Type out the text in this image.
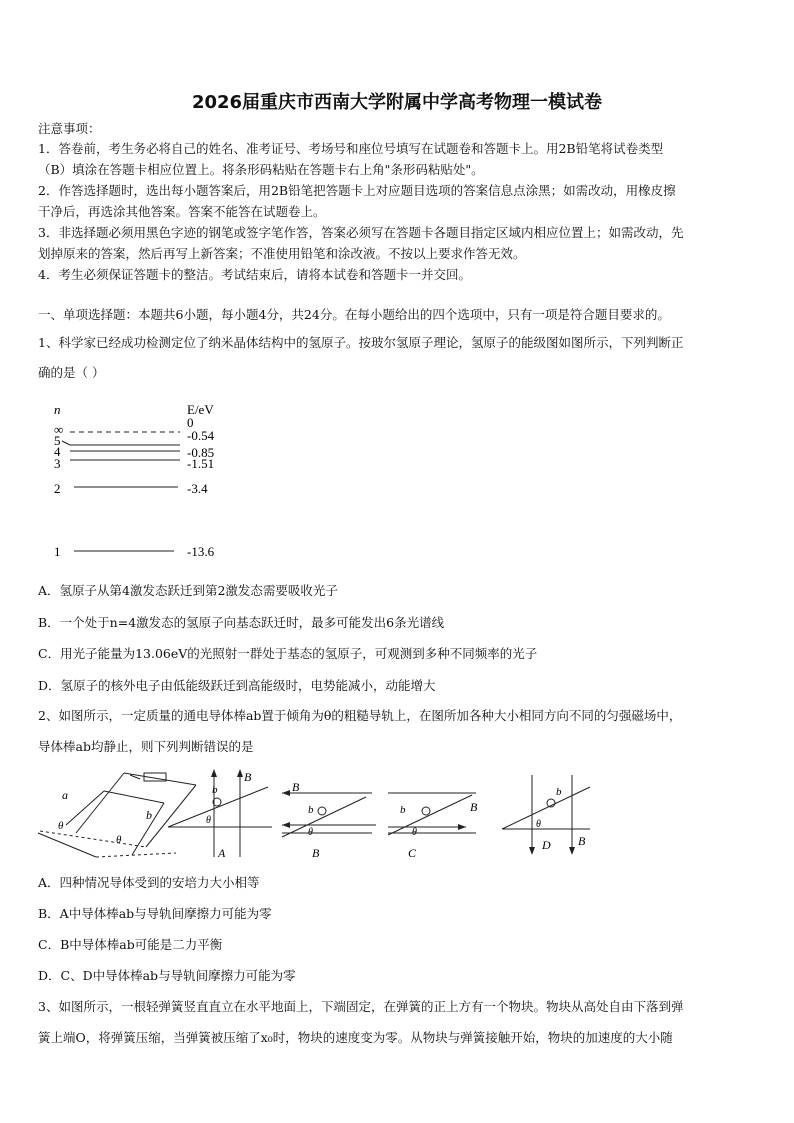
2026届重庆市西南大学附属中学高考物理一模试卷
注意事项：
1．答卷前，考生务必将自己的姓名、准考证号、考场号和座位号填写在试题卷和答题卡上。用2B铅笔将试卷类型
（B）填涂在答题卡相应位置上。将条形码粘贴在答题卡右上角"条形码粘贴处"。
2．作答选择题时，选出每小题答案后，用2B铅笔把答题卡上对应题目选项的答案信息点涂黑；如需改动，用橡皮擦
干净后，再选涂其他答案。答案不能答在试题卷上。
3．非选择题必须用黑色字迹的钢笔或签字笔作答，答案必须写在答题卡各题目指定区域内相应位置上；如需改动，先
划掉原来的答案，然后再写上新答案；不准使用铅笔和涂改液。不按以上要求作答无效。
4．考生必须保证答题卡的整洁。考试结束后，请将本试卷和答题卡一并交回。
一、单项选择题：本题共6小题，每小题4分，共24分。在每小题给出的四个选项中，只有一项是符合题目要求的。
1、科学家已经成功检测定位了纳米晶体结构中的氢原子。按玻尔氢原子理论，氢原子的能级图如图所示，下列判断正
确的是（ ）
n	E/eV
∞	0
5	-0.54
4	-0.85
3	-1.51
2	-3.4
1	-13.6
A．氢原子从第4激发态跃迁到第2激发态需要吸收光子
B．一个处于n=4激发态的氢原子向基态跃迁时，最多可能发出6条光谱线
C．用光子能量为13.06eV的光照射一群处于基态的氢原子，可观测到多种不同频率的光子
D．氢原子的核外电子由低能级跃迁到高能级时，电势能减小，动能增大
2、如图所示，一定质量的通电导体棒ab置于倾角为θ的粗糙导轨上，在图所加各种大小相同方向不同的匀强磁场中，
导体棒ab均静止，则下列判断错误的是
a
b
θ
θ
b
B
θ
A
B
b
θ
B
b	B
θ
C
b
θ
D B
A．四种情况导体受到的安培力大小相等
B．A中导体棒ab与导轨间摩擦力可能为零
C．B中导体棒ab可能是二力平衡
D．C、D中导体棒ab与导轨间摩擦力可能为零
3、如图所示，一根轻弹簧竖直直立在水平地面上，下端固定，在弹簧的正上方有一个物块。物块从高处自由下落到弹
簧上端O，将弹簧压缩，当弹簧被压缩了x₀时，物块的速度变为零。从物块与弹簧接触开始，物块的加速度的大小随
